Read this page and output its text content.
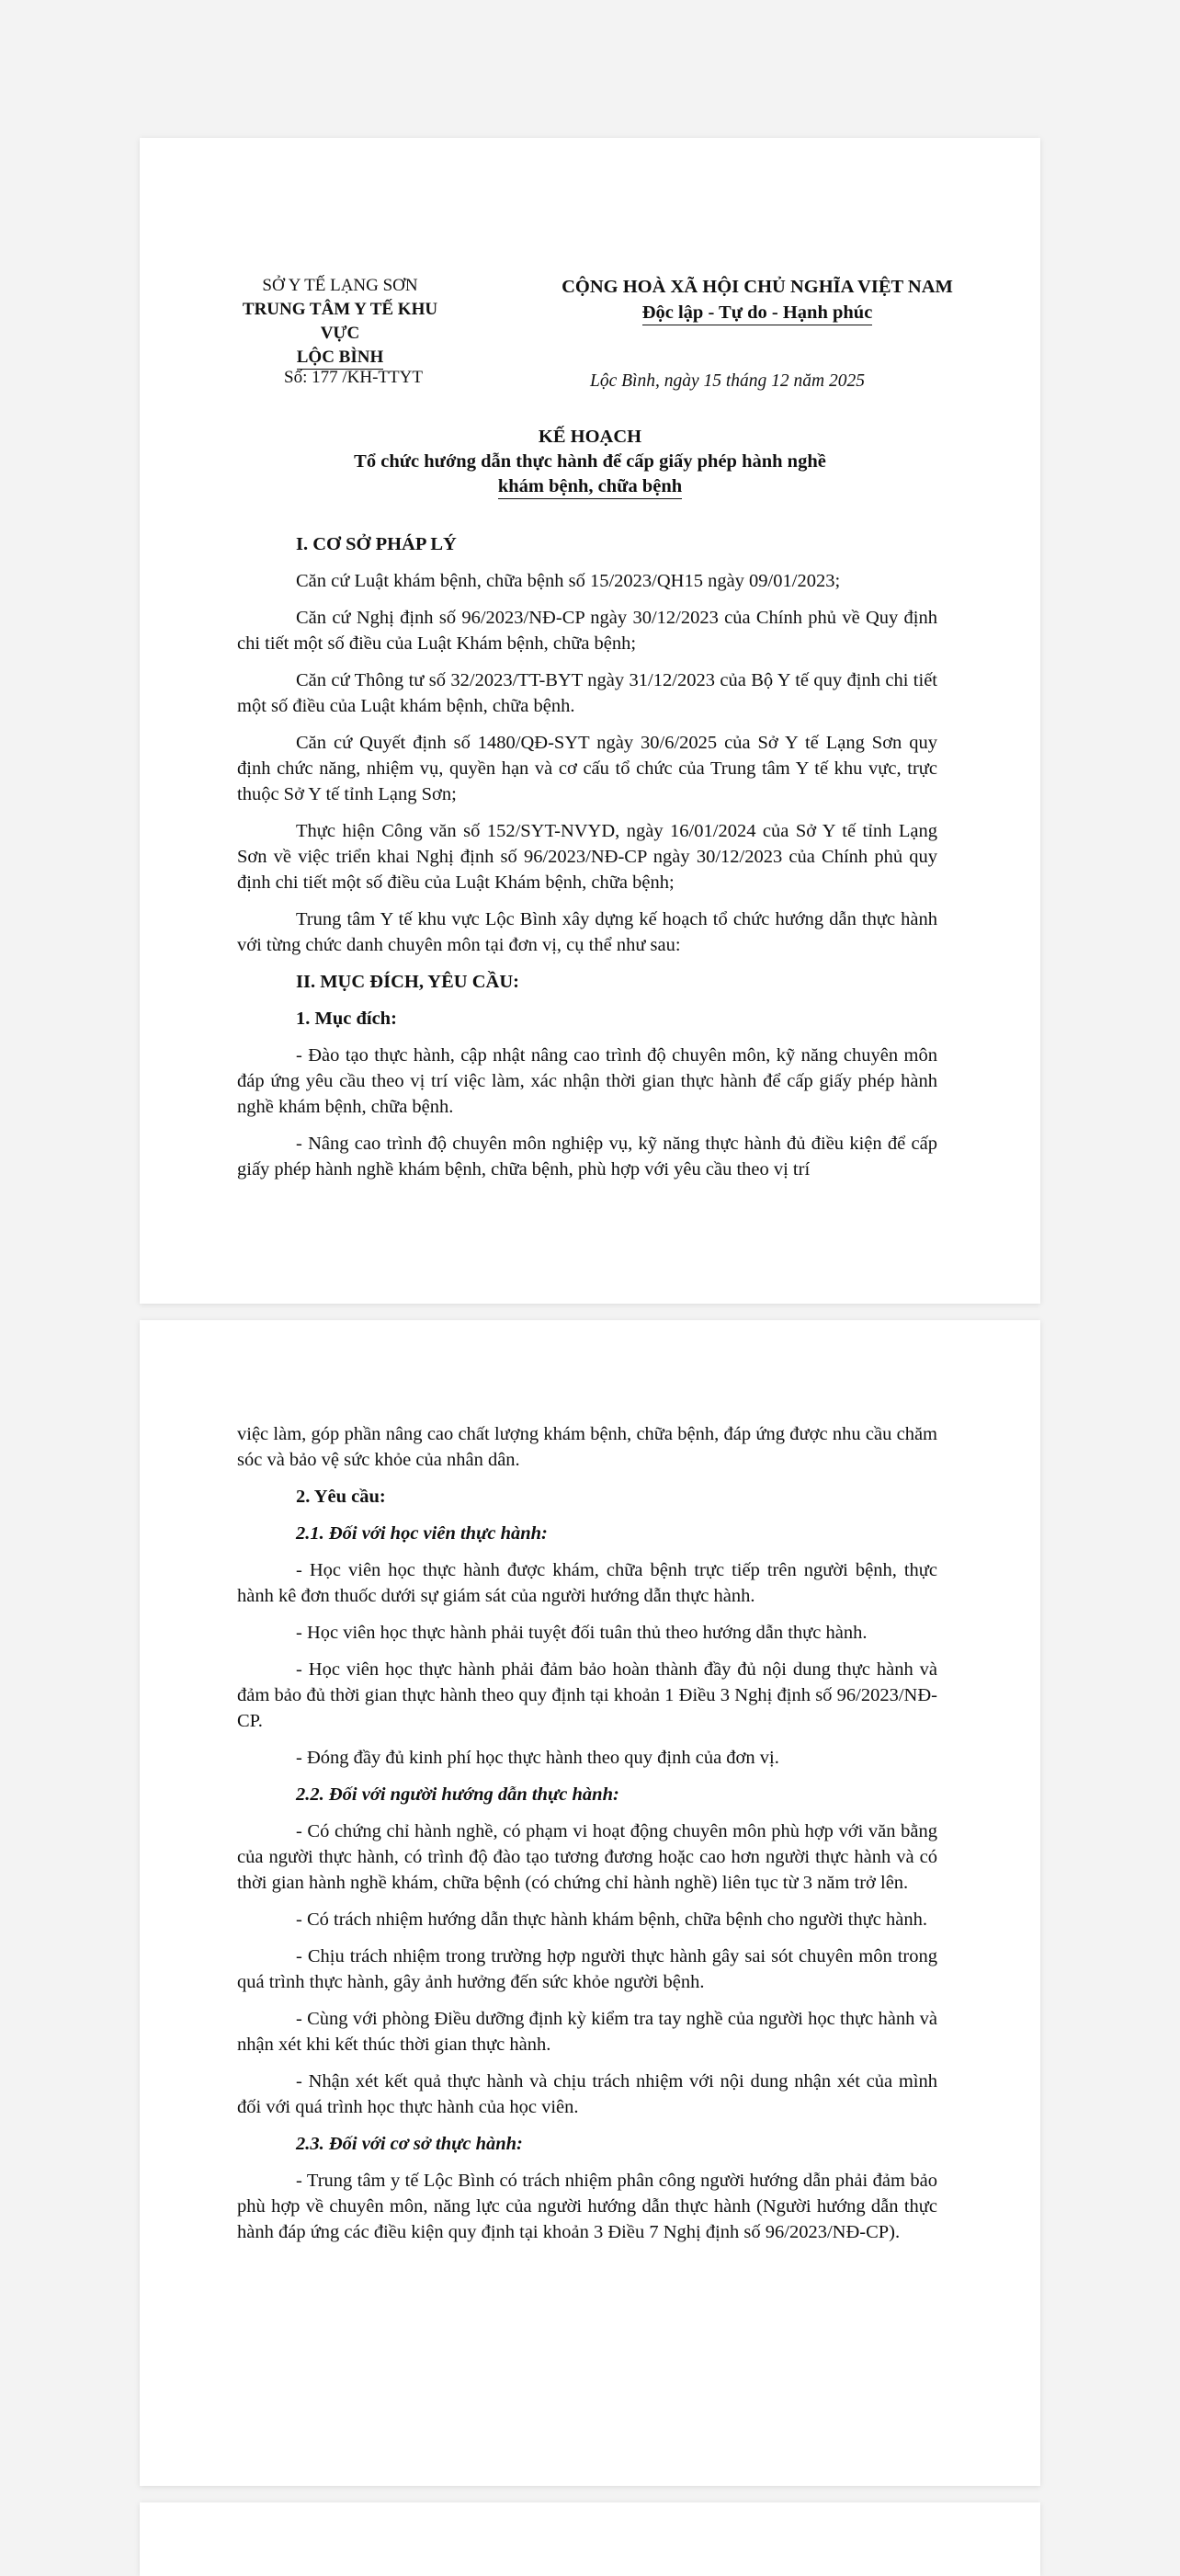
SỞ Y TẾ LẠNG SƠN
TRUNG TÂM Y TẾ KHU VỰC
LỘC BÌNH
CỘNG HOÀ XÃ HỘI CHỦ NGHĨA VIỆT NAM
Độc lập - Tự do - Hạnh phúc
Số: 177 /KH-TTYT	Lộc Bình, ngày 15 tháng 12 năm 2025
KẾ HOẠCH
Tổ chức hướng dẫn thực hành để cấp giấy phép hành nghề
khám bệnh, chữa bệnh

I. CƠ SỞ PHÁP LÝ

Căn cứ Luật khám bệnh, chữa bệnh số 15/2023/QH15 ngày 09/01/2023;

Căn cứ Nghị định số 96/2023/NĐ-CP ngày 30/12/2023 của Chính phủ về Quy định chi tiết một số điều của Luật Khám bệnh, chữa bệnh;

Căn cứ Thông tư số 32/2023/TT-BYT ngày 31/12/2023 của Bộ Y tế quy định chi tiết một số điều của Luật khám bệnh, chữa bệnh.

Căn cứ Quyết định số 1480/QĐ-SYT ngày 30/6/2025 của Sở Y tế Lạng Sơn quy định chức năng, nhiệm vụ, quyền hạn và cơ cấu tổ chức của Trung tâm Y tế khu vực, trực thuộc Sở Y tế tỉnh Lạng Sơn;

Thực hiện Công văn số 152/SYT-NVYD, ngày 16/01/2024 của Sở Y tế tỉnh Lạng Sơn về việc triển khai Nghị định số 96/2023/NĐ-CP ngày 30/12/2023 của Chính phủ quy định chi tiết một số điều của Luật Khám bệnh, chữa bệnh;

Trung tâm Y tế khu vực Lộc Bình xây dựng kế hoạch tổ chức hướng dẫn thực hành với từng chức danh chuyên môn tại đơn vị, cụ thể như sau:

II. MỤC ĐÍCH, YÊU CẦU:

1. Mục đích:

- Đào tạo thực hành, cập nhật nâng cao trình độ chuyên môn, kỹ năng chuyên môn đáp ứng yêu cầu theo vị trí việc làm, xác nhận thời gian thực hành để cấp giấy phép hành nghề khám bệnh, chữa bệnh.

- Nâng cao trình độ chuyên môn nghiệp vụ, kỹ năng thực hành đủ điều kiện để cấp giấy phép hành nghề khám bệnh, chữa bệnh, phù hợp với yêu cầu theo vị trí

việc làm, góp phần nâng cao chất lượng khám bệnh, chữa bệnh, đáp ứng được nhu cầu chăm sóc và bảo vệ sức khỏe của nhân dân.

2. Yêu cầu:

2.1. Đối với học viên thực hành:

- Học viên học thực hành được khám, chữa bệnh trực tiếp trên người bệnh, thực hành kê đơn thuốc dưới sự giám sát của người hướng dẫn thực hành.

- Học viên học thực hành phải tuyệt đối tuân thủ theo hướng dẫn thực hành.

- Học viên học thực hành phải đảm bảo hoàn thành đầy đủ nội dung thực hành và đảm bảo đủ thời gian thực hành theo quy định tại khoản 1 Điều 3 Nghị định số 96/2023/NĐ-CP.

- Đóng đầy đủ kinh phí học thực hành theo quy định của đơn vị.

2.2. Đối với người hướng dẫn thực hành:

- Có chứng chỉ hành nghề, có phạm vi hoạt động chuyên môn phù hợp với văn bằng của người thực hành, có trình độ đào tạo tương đương hoặc cao hơn người thực hành và có thời gian hành nghề khám, chữa bệnh (có chứng chỉ hành nghề) liên tục từ 3 năm trở lên.

- Có trách nhiệm hướng dẫn thực hành khám bệnh, chữa bệnh cho người thực hành.

- Chịu trách nhiệm trong trường hợp người thực hành gây sai sót chuyên môn trong quá trình thực hành, gây ảnh hưởng đến sức khỏe người bệnh.

- Cùng với phòng Điều dưỡng định kỳ kiểm tra tay nghề của người học thực hành và nhận xét khi kết thúc thời gian thực hành.

- Nhận xét kết quả thực hành và chịu trách nhiệm với nội dung nhận xét của mình đối với quá trình học thực hành của học viên.

2.3. Đối với cơ sở thực hành:

- Trung tâm y tế Lộc Bình có trách nhiệm phân công người hướng dẫn phải đảm bảo phù hợp về chuyên môn, năng lực của người hướng dẫn thực hành (Người hướng dẫn thực hành đáp ứng các điều kiện quy định tại khoản 3 Điều 7 Nghị định số 96/2023/NĐ-CP).
